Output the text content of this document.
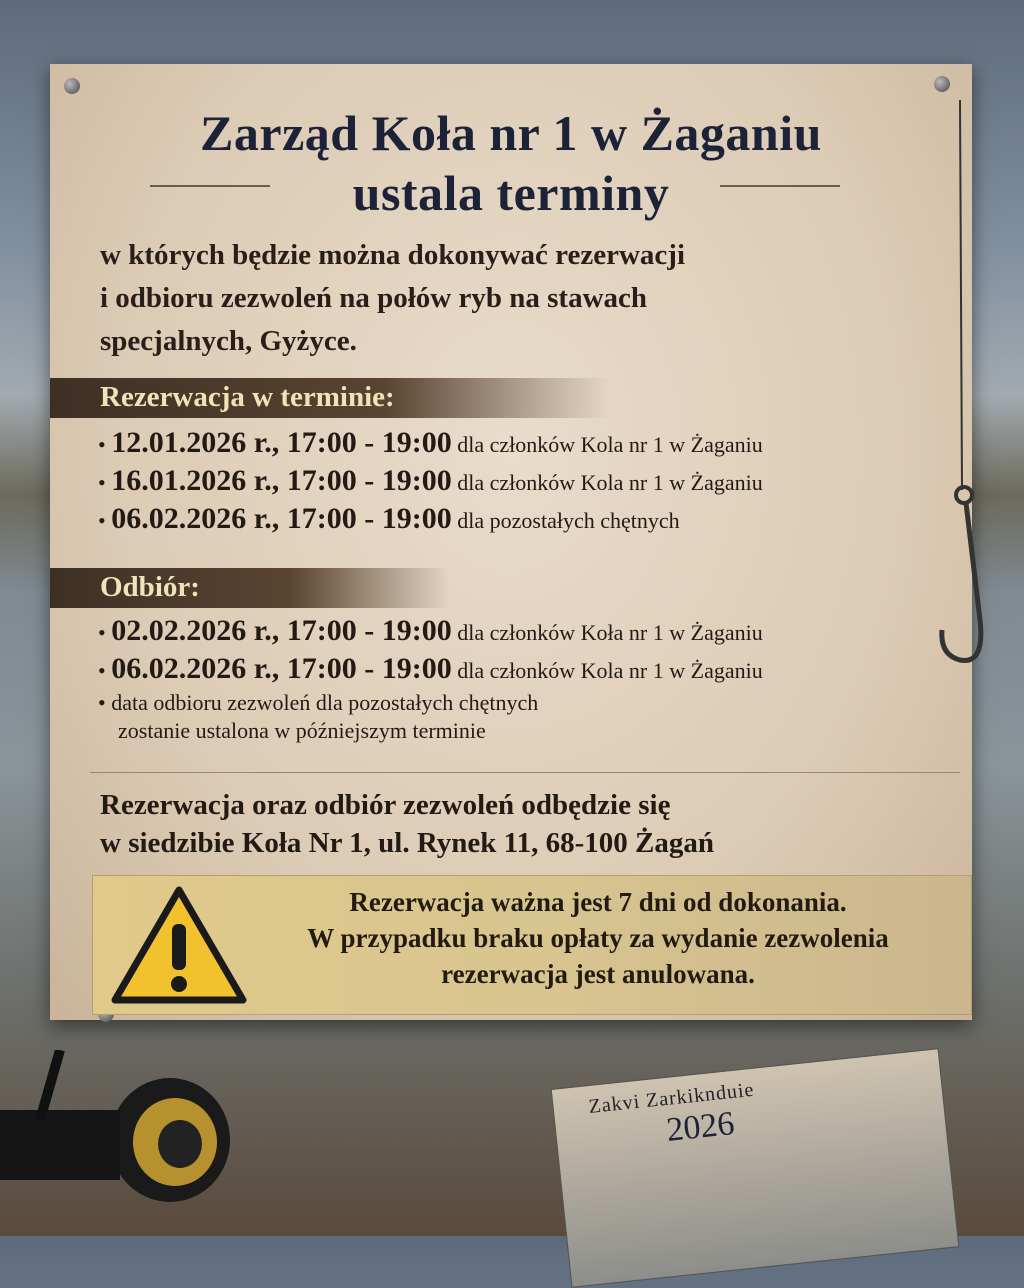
Zakvi Zarkiknduie
2026
Zarząd Koła nr 1 w Żaganiu
ustala terminy
w których będzie można dokonywać rezerwacji
i odbioru zezwoleń na połów ryb na stawach
specjalnych, Gyżyce.
Rezerwacja w terminie:
• 12.01.2026 r., 17:00 - 19:00 dla członków Kola nr 1 w Żaganiu
• 16.01.2026 r., 17:00 - 19:00 dla członków Kola nr 1 w Żaganiu
• 06.02.2026 r., 17:00 - 19:00 dla pozostałych chętnych
Odbiór:
• 02.02.2026 r., 17:00 - 19:00 dla członków Koła nr 1 w Żaganiu
• 06.02.2026 r., 17:00 - 19:00 dla członków Kola nr 1 w Żaganiu
• data odbioru zezwoleń dla pozostałych chętnych
zostanie ustalona w późniejszym terminie
Rezerwacja oraz odbiór zezwoleń odbędzie się
w siedzibie Koła Nr 1, ul. Rynek 11, 68-100 Żagań
Rezerwacja ważna jest 7 dni od dokonania.
W przypadku braku opłaty za wydanie zezwolenia
rezerwacja jest anulowana.
